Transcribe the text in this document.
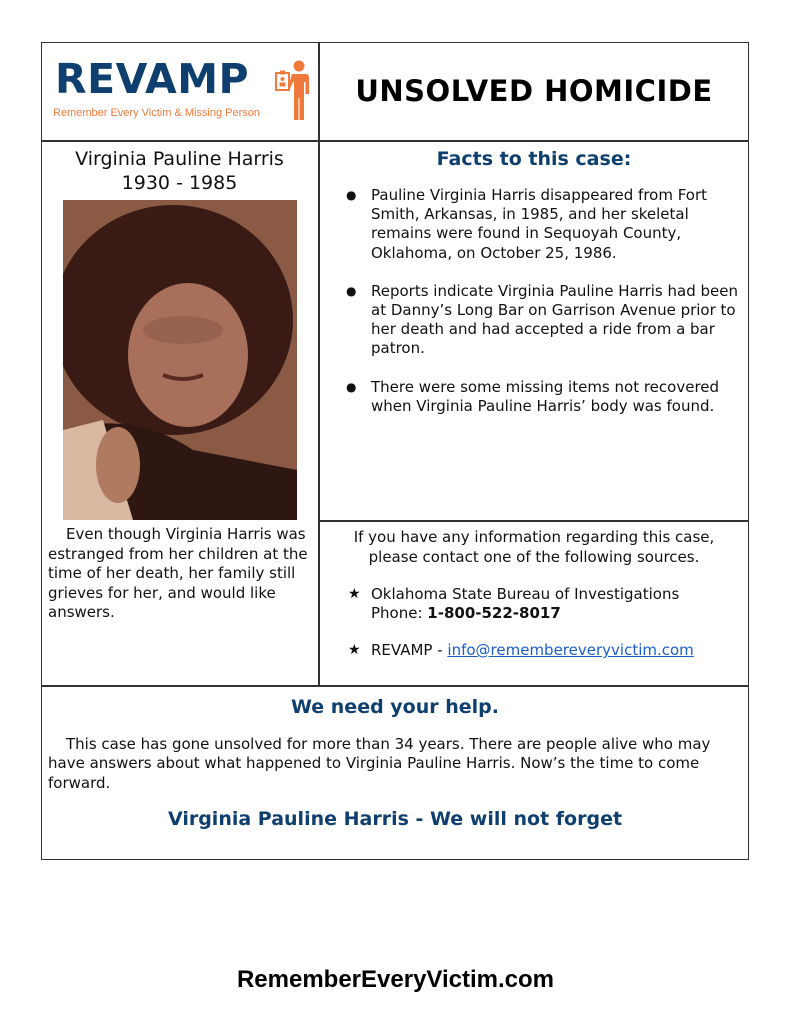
REVAMP
Remember Every Victim & Missing Person
UNSOLVED HOMICIDE
Virginia Pauline Harris
1930 - 1985
Even though Virginia Harris was estranged from her children at the time of her death, her family still grieves for her, and would like answers.
Facts to this case:
● Pauline Virginia Harris disappeared from Fort Smith, Arkansas, in 1985, and her skeletal remains were found in Sequoyah County, Oklahoma, on October 25, 1986.
● Reports indicate Virginia Pauline Harris had been at Danny’s Long Bar on Garrison Avenue prior to her death and had accepted a ride from a bar patron.
● There were some missing items not recovered when Virginia Pauline Harris’ body was found.
If you have any information regarding this case,
please contact one of the following sources.
★ Oklahoma State Bureau of Investigations
Phone: 1-800-522-8017
★ REVAMP - info@remembereveryvictim.com
We need your help.
This case has gone unsolved for more than 34 years. There are people alive who may have answers about what happened to Virginia Pauline Harris. Now’s the time to come forward.
Virginia Pauline Harris - We will not forget
RememberEveryVictim.com
